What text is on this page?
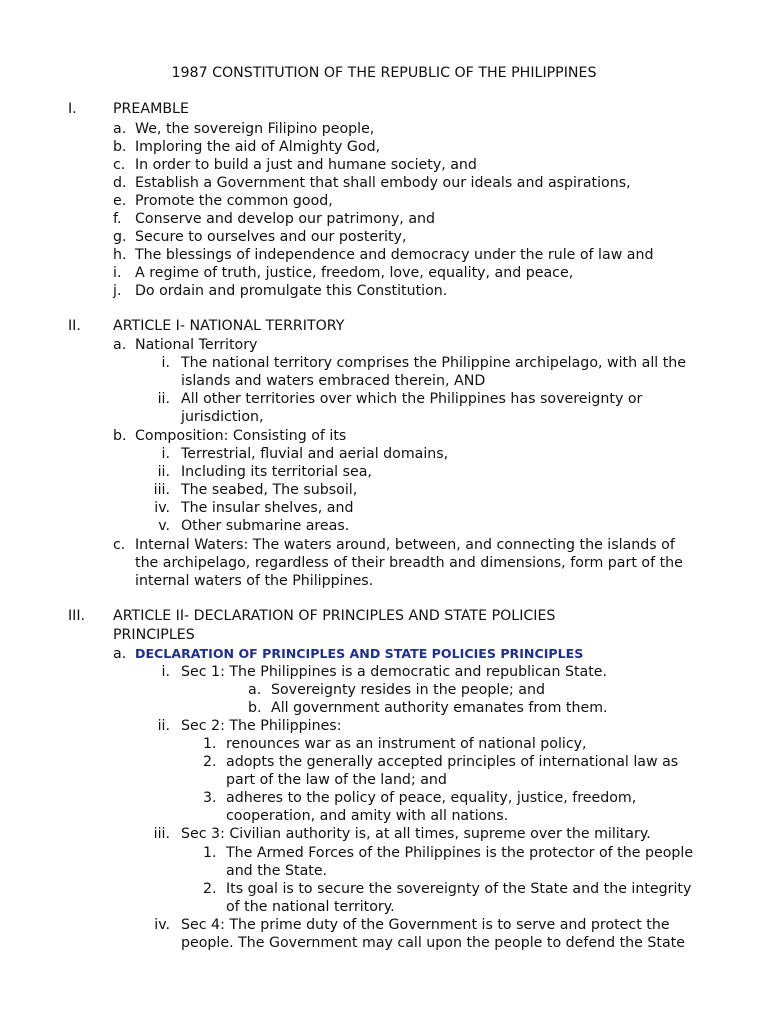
1987 CONSTITUTION OF THE REPUBLIC OF THE PHILIPPINES
I.	PREAMBLE
a. We, the sovereign Filipino people,
b. Imploring the aid of Almighty God,
c. In order to build a just and humane society, and
d. Establish a Government that shall embody our ideals and aspirations,
e. Promote the common good,
f. Conserve and develop our patrimony, and
g. Secure to ourselves and our posterity,
h. The blessings of independence and democracy under the rule of law and
i. A regime of truth, justice, freedom, love, equality, and peace,
j. Do ordain and promulgate this Constitution.
II. ARTICLE I- NATIONAL TERRITORY
a. National Territory
i. The national territory comprises the Philippine archipelago, with all the
islands and waters embraced therein, AND
ii. All other territories over which the Philippines has sovereignty or
jurisdiction,
b. Composition: Consisting of its
i. Terrestrial, fluvial and aerial domains,
ii. Including its territorial sea,
iii. The seabed, The subsoil,
iv. The insular shelves, and
v. Other submarine areas.
c. Internal Waters: The waters around, between, and connecting the islands of
the archipelago, regardless of their breadth and dimensions, form part of the
internal waters of the Philippines.
III. ARTICLE II- DECLARATION OF PRINCIPLES AND STATE POLICIES
PRINCIPLES
a. DECLARATION OF PRINCIPLES AND STATE POLICIES PRINCIPLES
i. Sec 1: The Philippines is a democratic and republican State.
a. Sovereignty resides in the people; and
b. All government authority emanates from them.
ii. Sec 2: The Philippines:
1. renounces war as an instrument of national policy,
2. adopts the generally accepted principles of international law as
part of the law of the land; and
3. adheres to the policy of peace, equality, justice, freedom,
cooperation, and amity with all nations.
iii. Sec 3: Civilian authority is, at all times, supreme over the military.
1. The Armed Forces of the Philippines is the protector of the people
and the State.
2. Its goal is to secure the sovereignty of the State and the integrity
of the national territory.
iv. Sec 4: The prime duty of the Government is to serve and protect the
people. The Government may call upon the people to defend the State
